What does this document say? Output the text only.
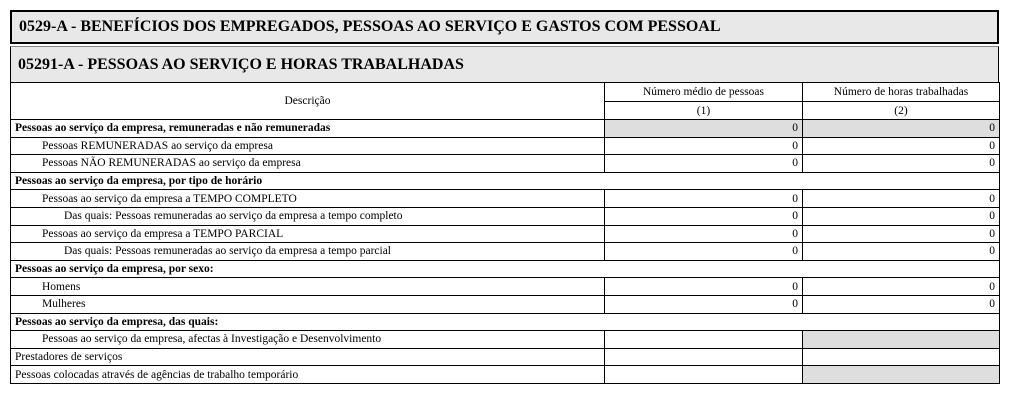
0529-A - BENEFÍCIOS DOS EMPREGADOS, PESSOAS AO SERVIÇO E GASTOS COM PESSOAL
05291-A - PESSOAS AO SERVIÇO E HORAS TRABALHADAS
Descrição	Número médio de pessoas	Número de horas trabalhadas
	(1)	(2)
Pessoas ao serviço da empresa, remuneradas e não remuneradas	0	0
Pessoas REMUNERADAS ao serviço da empresa	0	0
Pessoas NÃO REMUNERADAS ao serviço da empresa	0	0
Pessoas ao serviço da empresa, por tipo de horário		
Pessoas ao serviço da empresa a TEMPO COMPLETO	0	0
Das quais: Pessoas remuneradas ao serviço da empresa a tempo completo	0	0
Pessoas ao serviço da empresa a TEMPO PARCIAL	0	0
Das quais: Pessoas remuneradas ao serviço da empresa a tempo parcial	0	0
Pessoas ao serviço da empresa, por sexo:		
Homens	0	0
Mulheres	0	0
Pessoas ao serviço da empresa, das quais:		
Pessoas ao serviço da empresa, afectas à Investigação e Desenvolvimento		
Prestadores de serviços		
Pessoas colocadas através de agências de trabalho temporário		
